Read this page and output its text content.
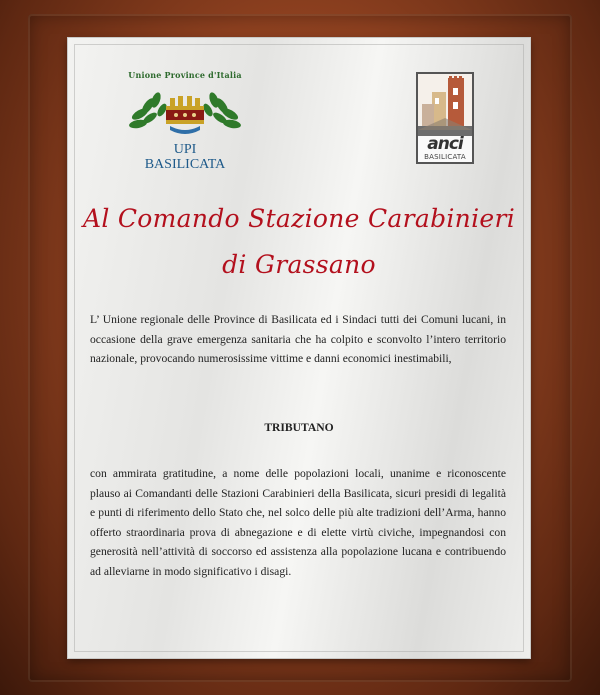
Unione Province d'Italia
UPI
BASILICATA
anci
BASILICATA
Al Comando Stazione Carabinieri
di Grassano
L’ Unione regionale delle Province di Basilicata ed i Sindaci tutti dei Comuni lucani, in occasione della grave emergenza sanitaria che ha colpito e sconvolto l’intero territorio nazionale, provocando numerosissime vittime e danni economici inestimabili,
TRIBUTANO
con ammirata gratitudine, a nome delle popolazioni locali, unanime e riconoscente plauso ai Comandanti delle Stazioni Carabinieri della Basilicata, sicuri presidi di legalità e punti di riferimento dello Stato che, nel solco delle più alte tradizioni dell’Arma, hanno offerto straordinaria prova di abnegazione e di elette virtù civiche, impegnandosi con generosità nell’attività di soccorso ed assistenza alla popolazione lucana e contribuendo ad alleviarne in modo significativo i disagi.
